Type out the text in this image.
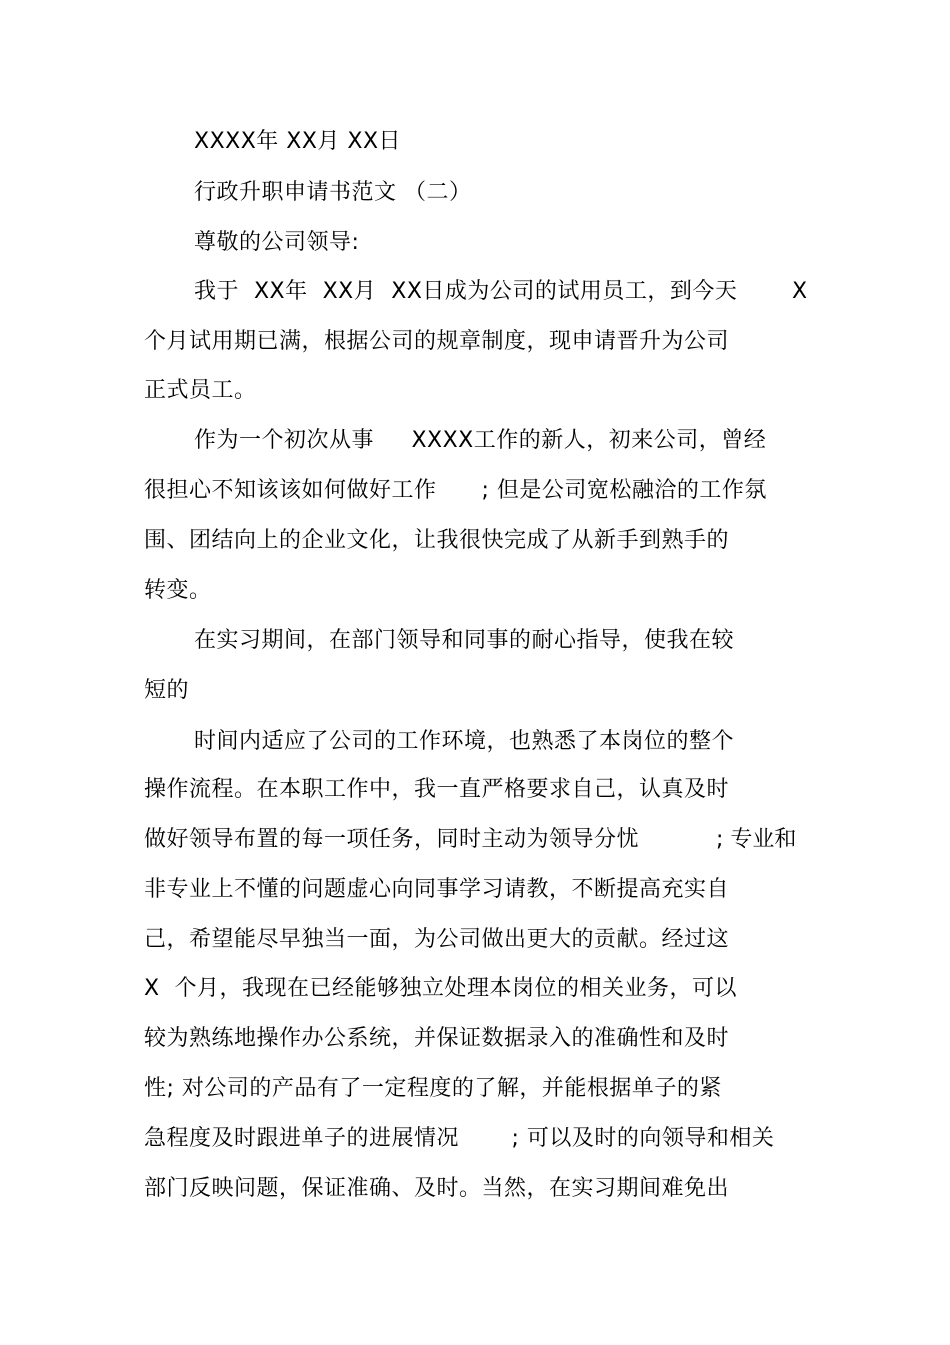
XXXX年 XX月 XX日
行政升职申请书范文 （二）
尊敬的公司领导:
我于  XX年  XX月  XX日成为公司的试用员工，到今天 X
个月试用期已满，根据公司的规章制度，现申请晋升为公司
正式员工。
作为一个初次从事     XXXX工作的新人，初来公司，曾经
很担心不知该该如何做好工作      ; 但是公司宽松融洽的工作氛
围、团结向上的企业文化，让我很快完成了从新手到熟手的
转变。
在实习期间，在部门领导和同事的耐心指导，使我在较
短的
时间内适应了公司的工作环境，也熟悉了本岗位的整个
操作流程。在本职工作中，我一直严格要求自己，认真及时
做好领导布置的每一项任务，同时主动为领导分忧	; 专业和
非专业上不懂的问题虚心向同事学习请教，不断提高充实自
己，希望能尽早独当一面，为公司做出更大的贡献。经过这
X  个月，我现在已经能够独立处理本岗位的相关业务，可以
较为熟练地操作办公系统，并保证数据录入的准确性和及时
性; 对公司的产品有了一定程度的了解，并能根据单子的紧
急程度及时跟进单子的进展情况       ; 可以及时的向领导和相关
部门反映问题，保证准确、及时。当然，在实习期间难免出
